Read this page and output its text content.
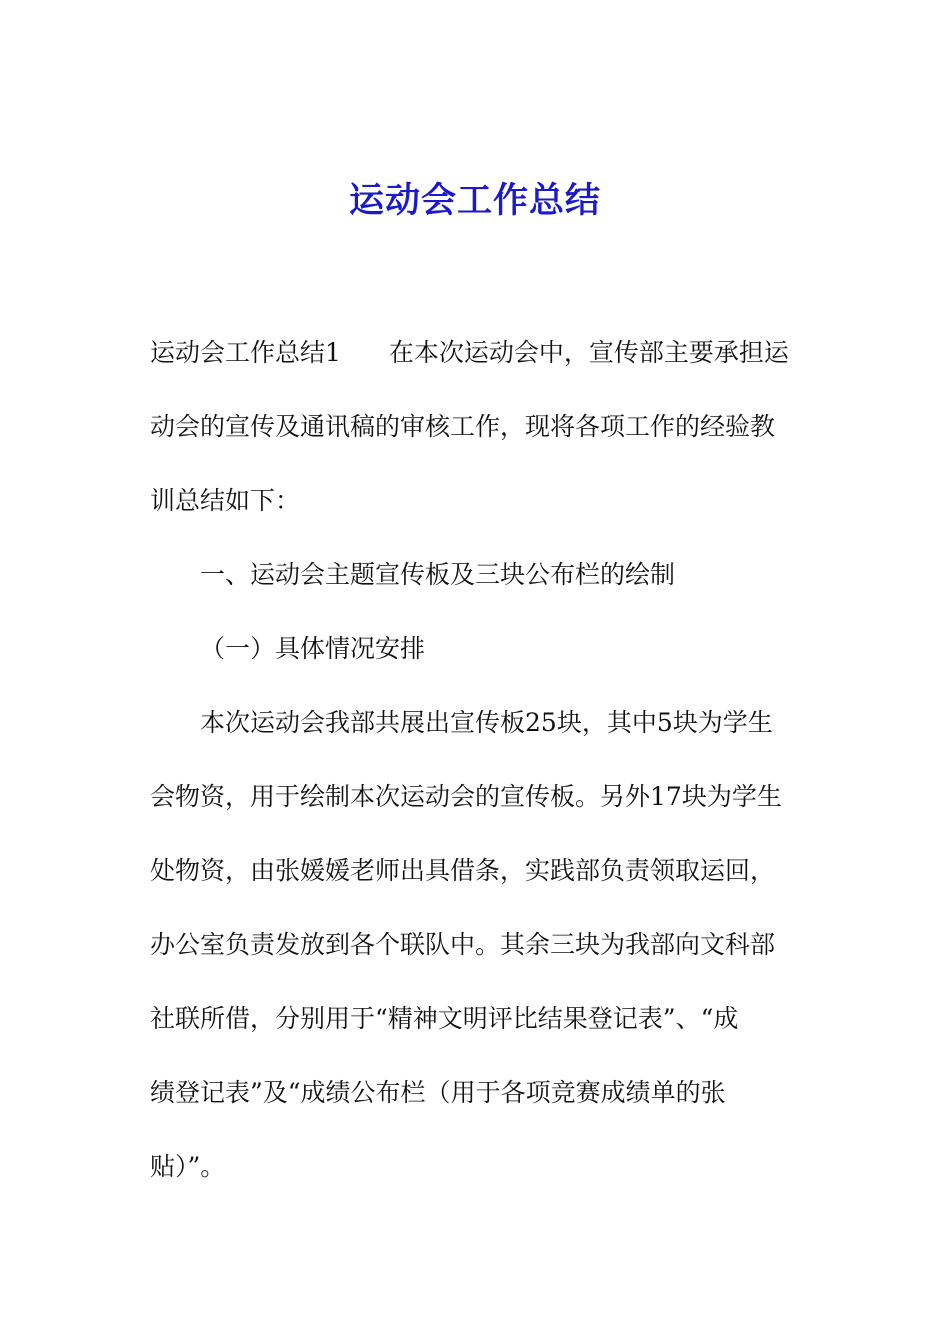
运动会工作总结

运动会工作总结1 在本次运动会中，宣传部主要承担运

动会的宣传及通讯稿的审核工作，现将各项工作的经验教

训总结如下：

一、运动会主题宣传板及三块公布栏的绘制

（一）具体情况安排

本次运动会我部共展出宣传板25块，其中5块为学生

会物资，用于绘制本次运动会的宣传板。另外17块为学生

处物资，由张媛媛老师出具借条，实践部负责领取运回，

办公室负责发放到各个联队中。其余三块为我部向文科部

社联所借，分别用于“精神文明评比结果登记表”、“成

绩登记表”及“成绩公布栏（用于各项竞赛成绩单的张

贴）”。
